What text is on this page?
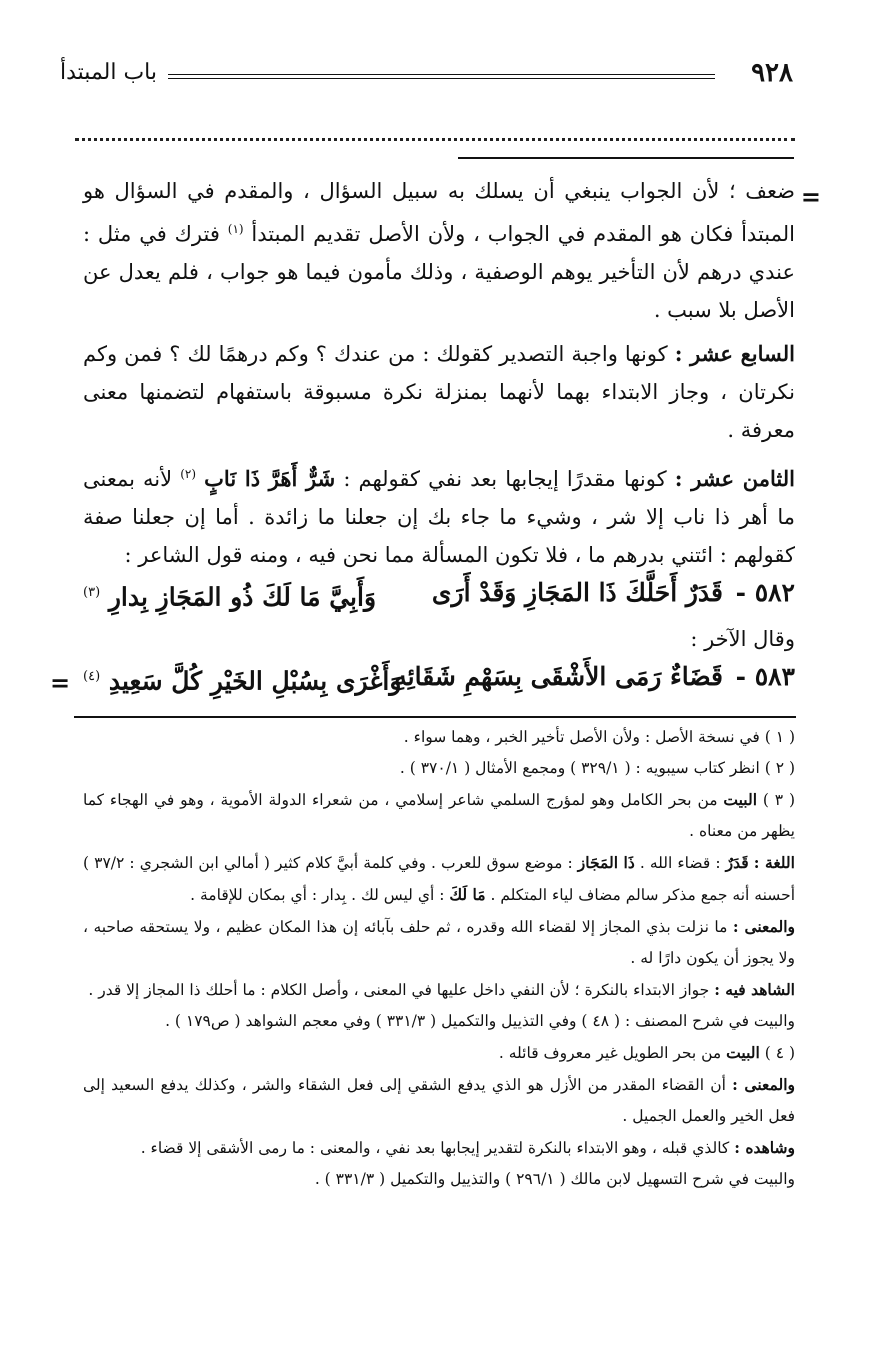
٩٢٨
باب المبتدأ
=

ضعف ؛ لأن الجواب ينبغي أن يسلك به سبيل السؤال ، والمقدم في السؤال هو المبتدأ فكان هو المقدم في الجواب ، ولأن الأصل تقديم المبتدأ $^{(١)}$ فترك في مثل : عندي درهم لأن التأخير يوهم الوصفية ، وذلك مأمون فيما هو جواب ، فلم يعدل عن الأصل بلا سبب .

السابع عشر : كونها واجبة التصدير كقولك : من عندك ؟ وكم درهمًا لك ؟ فمن وكم نكرتان ، وجاز الابتداء بهما لأنهما بمنزلة نكرة مسبوقة باستفهام لتضمنها معنى معرفة .

الثامن عشر : كونها مقدرًا إيجابها بعد نفي كقولهم : شَرٌّ أَهَرَّ ذَا نَابٍ $^{(٢)}$ لأنه بمعنى ما أهر ذا ناب إلا شر ، وشيء ما جاء بك إن جعلنا ما زائدة . أما إن جعلنا صفة كقولهم : ائتني بدرهم ما ، فلا تكون المسألة مما نحن فيه ، ومنه قول الشاعر :

٥٨٢ -
قَدَرٌ أَحَلَّكَ ذَا المَجَازِ وَقَدْ أَرَى
وَأَبِيَّ مَا لَكَ ذُو المَجَازِ بِدارِ $^{(٣)}$

وقال الآخر :

٥٨٣ -
قَضَاءٌ رَمَى الأَشْقَى بِسَهْمِ شَقَائِهِ
وَأَغْرَى بِسُبْلِ الخَيْرِ كُلَّ سَعِيدِ $^{(٤)}$
=

( ١ ) في نسخة الأصل : ولأن الأصل تأخير الخبر ، وهما سواء .

( ٢ ) انظر كتاب سيبويه : ( ٣٢٩/١ ) ومجمع الأمثال ( ٣٧٠/١ ) .

( ٣ ) البيت من بحر الكامل وهو لمؤرج السلمي شاعر إسلامي ، من شعراء الدولة الأموية ، وهو في الهجاء كما يظهر من معناه .

اللغة : قَدَرٌ : قضاء الله . ذَا المَجَاز : موضع سوق للعرب . وفي كلمة أبيَّ كلام كثير ( أمالي ابن الشجري : ٣٧/٢ ) أحسنه أنه جمع مذكر سالم مضاف لياء المتكلم . مَا لَكَ : أي ليس لك . بِدار : أي بمكان للإقامة .

والمعنى : ما نزلت بذي المجاز إلا لقضاء الله وقدره ، ثم حلف بآبائه إن هذا المكان عظيم ، ولا يستحقه صاحبه ، ولا يجوز أن يكون دارًا له .

الشاهد فيه : جواز الابتداء بالنكرة ؛ لأن النفي داخل عليها في المعنى ، وأصل الكلام : ما أحلك ذا المجاز إلا قدر .

والبيت في شرح المصنف : ( ٤٨ ) وفي التذييل والتكميل ( ٣٣١/٣ ) وفي معجم الشواهد ( ص١٧٩ ) .

( ٤ ) البيت من بحر الطويل غير معروف قائله .

والمعنى : أن القضاء المقدر من الأزل هو الذي يدفع الشقي إلى فعل الشقاء والشر ، وكذلك يدفع السعيد إلى فعل الخير والعمل الجميل .

وشاهده : كالذي قبله ، وهو الابتداء بالنكرة لتقدير إيجابها بعد نفي ، والمعنى : ما رمى الأشقى إلا قضاء .

والبيت في شرح التسهيل لابن مالك ( ٢٩٦/١ ) والتذييل والتكميل ( ٣٣١/٣ ) .
